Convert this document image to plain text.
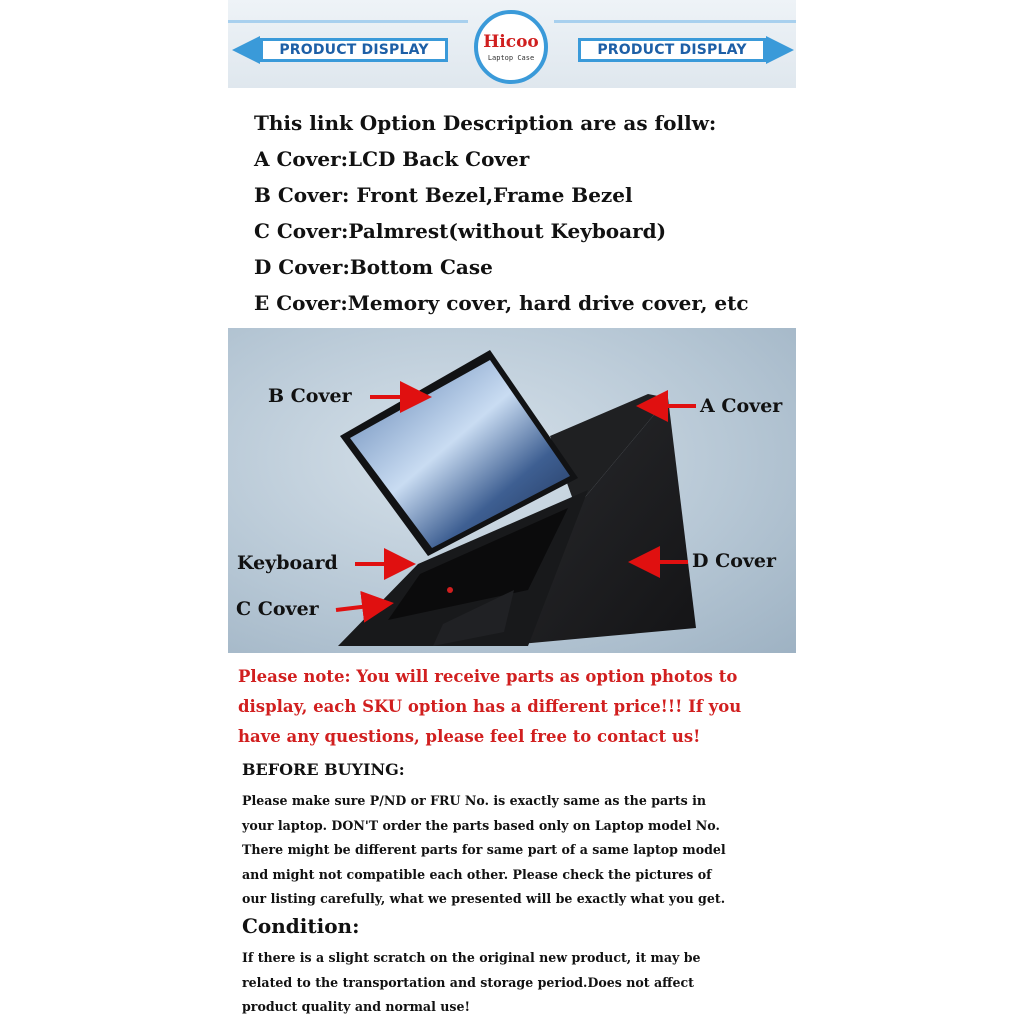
PRODUCT DISPLAY	Hicoo
Laptop Case	PRODUCT DISPLAY
This link Option Description are as follw:
A Cover:LCD Back Cover
B Cover: Front Bezel,Frame Bezel
C Cover:Palmrest(without Keyboard)
D Cover:Bottom Case
E Cover:Memory cover, hard drive cover, etc
B Cover	A Cover
Keyboard	D Cover
C Cover
Please note: You will receive parts as option photos to
display, each SKU option has a different price!!! If you
have any questions, please feel free to contact us!
BEFORE BUYING:
Please make sure P/ND or FRU No. is exactly same as the parts in
your laptop. DON'T order the parts based only on Laptop model No.
There might be different parts for same part of a same laptop model
and might not compatible each other. Please check the pictures of
our listing carefully, what we presented will be exactly what you get.
Condition:
If there is a slight scratch on the original new product, it may be
related to the transportation and storage period.Does not affect
product quality and normal use!
